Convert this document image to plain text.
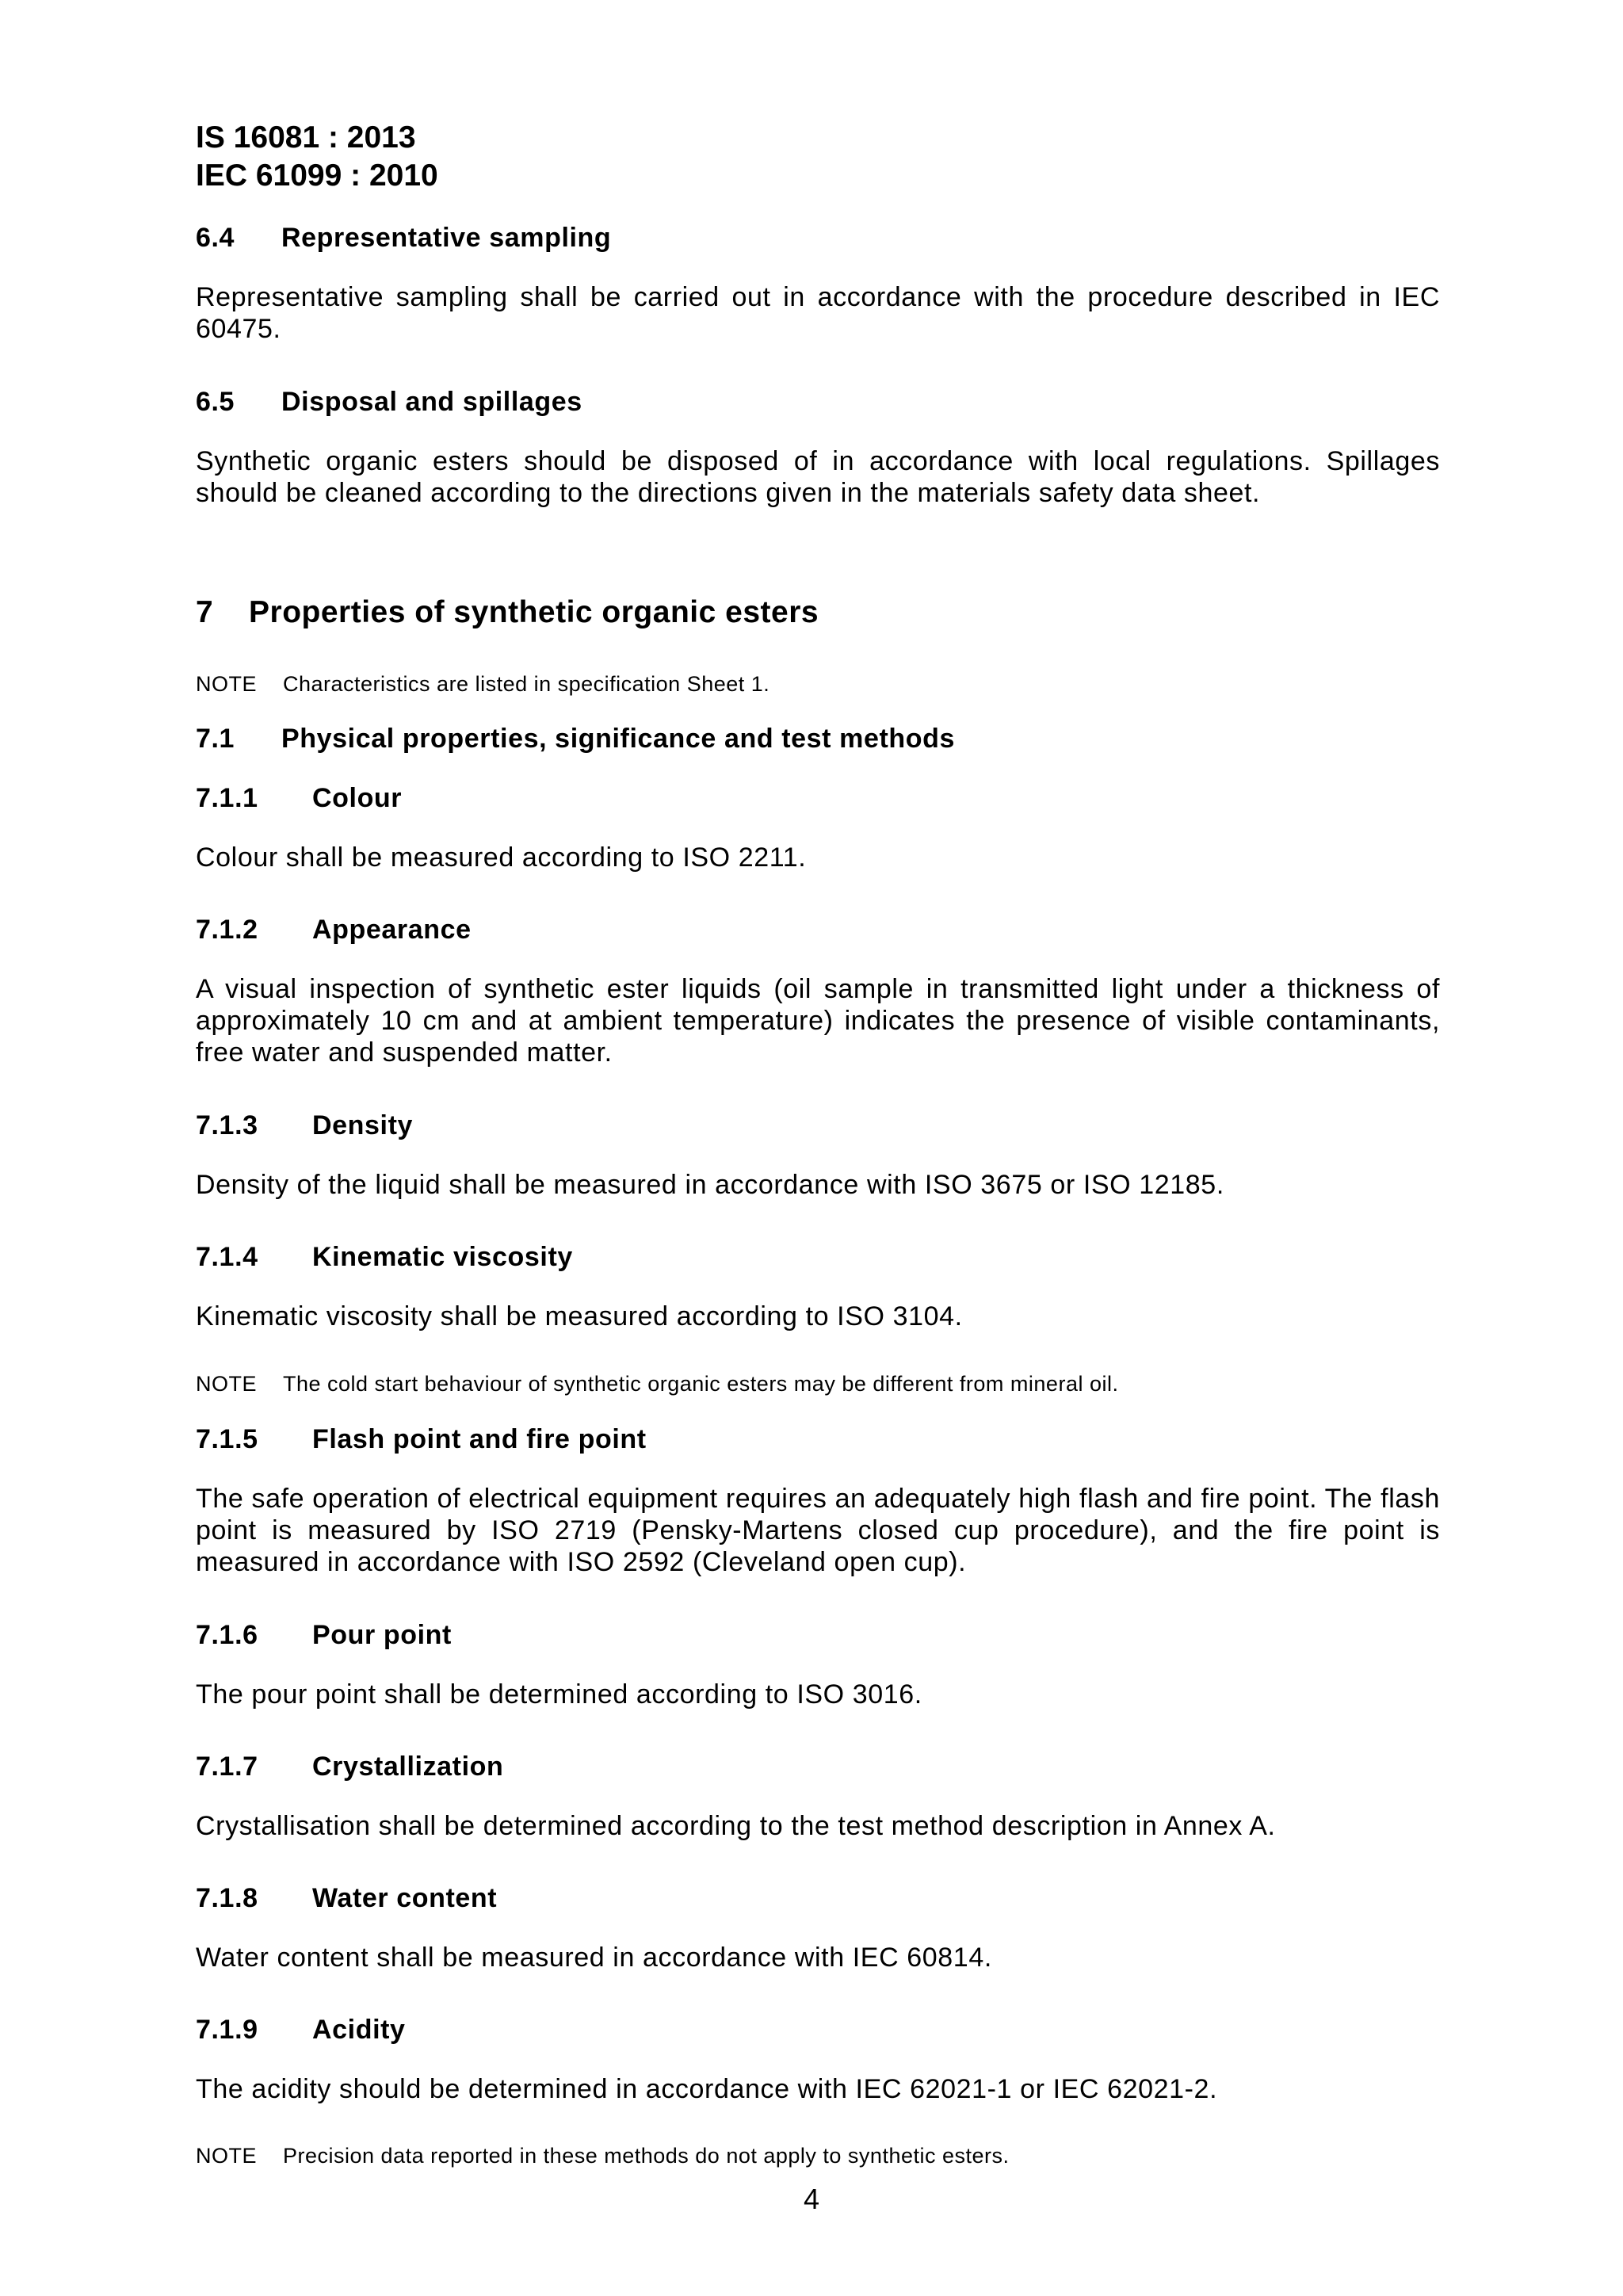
IS 16081 : 2013
IEC 61099 : 2010
6.4 Representative sampling
Representative sampling shall be carried out in accordance with the procedure described in IEC 60475.
6.5 Disposal and spillages
Synthetic organic esters should be disposed of in accordance with local regulations. Spillages should be cleaned according to the directions given in the materials safety data sheet.
7 Properties of synthetic organic esters
NOTE Characteristics are listed in specification Sheet 1.
7.1 Physical properties, significance and test methods
7.1.1 Colour
Colour shall be measured according to ISO 2211.
7.1.2 Appearance
A visual inspection of synthetic ester liquids (oil sample in transmitted light under a thickness of approximately 10 cm and at ambient temperature) indicates the presence of visible contaminants, free water and suspended matter.
7.1.3 Density
Density of the liquid shall be measured in accordance with ISO 3675 or ISO 12185.
7.1.4 Kinematic viscosity
Kinematic viscosity shall be measured according to ISO 3104.
NOTE The cold start behaviour of synthetic organic esters may be different from mineral oil.
7.1.5 Flash point and fire point
The safe operation of electrical equipment requires an adequately high flash and fire point. The flash point is measured by ISO 2719 (Pensky-Martens closed cup procedure), and the fire point is measured in accordance with ISO 2592 (Cleveland open cup).
7.1.6 Pour point
The pour point shall be determined according to ISO 3016.
7.1.7 Crystallization
Crystallisation shall be determined according to the test method description in Annex A.
7.1.8 Water content
Water content shall be measured in accordance with IEC 60814.
7.1.9 Acidity
The acidity should be determined in accordance with IEC 62021-1 or IEC 62021-2.
NOTE Precision data reported in these methods do not apply to synthetic esters.
4
